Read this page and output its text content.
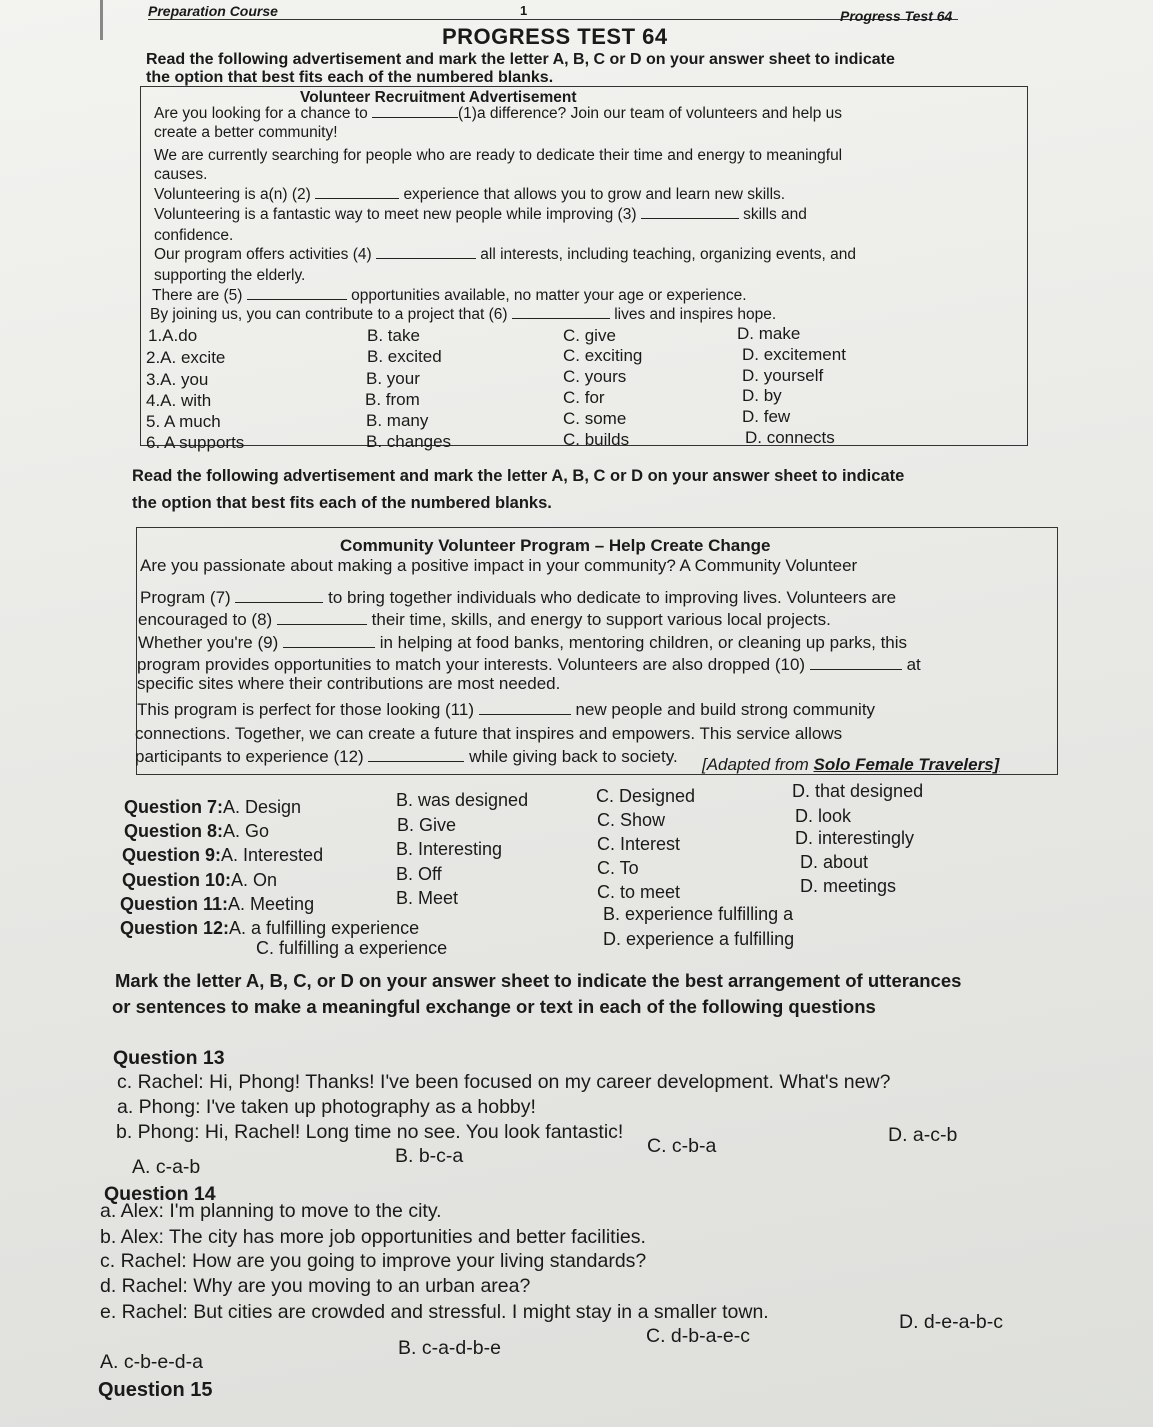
Preparation Course	1	Progress Test 64
PROGRESS TEST 64
Read the following advertisement and mark the letter A, B, C or D on your answer sheet to indicate
the option that best fits each of the numbered blanks.
Volunteer Recruitment Advertisement
Are you looking for a chance to	(1)a difference? Join our team of volunteers and help us
create a better community!
We are currently searching for people who are ready to dedicate their time and energy to meaningful
causes.
Volunteering is a(n) (2)	experience that allows you to grow and learn new skills.
Volunteering is a fantastic way to meet new people while improving (3)	skills and
confidence.
Our program offers activities (4)	all interests, including teaching, organizing events, and
supporting the elderly.
There are (5)	opportunities available, no matter your age or experience.
By joining us, you can contribute to a project that (6)	lives and inspires hope.
1.A.do	B. take	C. give	D. make
2.A. excite	B. excited	C. exciting	D. excitement
3.A. you	B. your	C. yours	D. yourself
4.A. with	B. from	C. for	D. by
5. A much	B. many	C. some	D. few
6. A supports	B. changes	C. builds	D. connects
Read the following advertisement and mark the letter A, B, C or D on your answer sheet to indicate
the option that best fits each of the numbered blanks.
Community Volunteer Program – Help Create Change
Are you passionate about making a positive impact in your community? A Community Volunteer
Program (7)	to bring together individuals who dedicate to improving lives. Volunteers are
encouraged to (8)	their time, skills, and energy to support various local projects.
Whether you're (9)	in helping at food banks, mentoring children, or cleaning up parks, this
program provides opportunities to match your interests. Volunteers are also dropped (10)	at
specific sites where their contributions are most needed.
This program is perfect for those looking (11)	new people and build strong community
connections. Together, we can create a future that inspires and empowers. This service allows
participants to experience (12)	while giving back to society. [Adapted from Solo Female Travelers]
Question 7:A. Design	B. was designed	C. Designed	D. that designed
Question 8:A. Go	B. Give	C. Show	D. look
Question 9:A. Interested	B. Interesting	C. Interest	D. interestingly
Question 10:A. On	B. Off	C. To	D. about
Question 11:A. Meeting	B. Meet	C. to meet	D. meetings
Question 12:A. a fulfilling experience
B. experience fulfilling a
C. fulfilling a experience	D. experience a fulfilling
Mark the letter A, B, C, or D on your answer sheet to indicate the best arrangement of utterances
or sentences to make a meaningful exchange or text in each of the following questions
Question 13
c. Rachel: Hi, Phong! Thanks! I've been focused on my career development. What's new?
a. Phong: I've taken up photography as a hobby!
b. Phong: Hi, Rachel! Long time no see. You look fantastic!
A. c-a-b	B. b-c-a	C. c-b-a	D. a-c-b
Question 14
a. Alex: I'm planning to move to the city.
b. Alex: The city has more job opportunities and better facilities.
c. Rachel: How are you going to improve your living standards?
d. Rachel: Why are you moving to an urban area?
e. Rachel: But cities are crowded and stressful. I might stay in a smaller town.
A. c-b-e-d-a
B. c-a-d-b-e
C. d-b-a-e-c
D. d-e-a-b-c
Question 15
